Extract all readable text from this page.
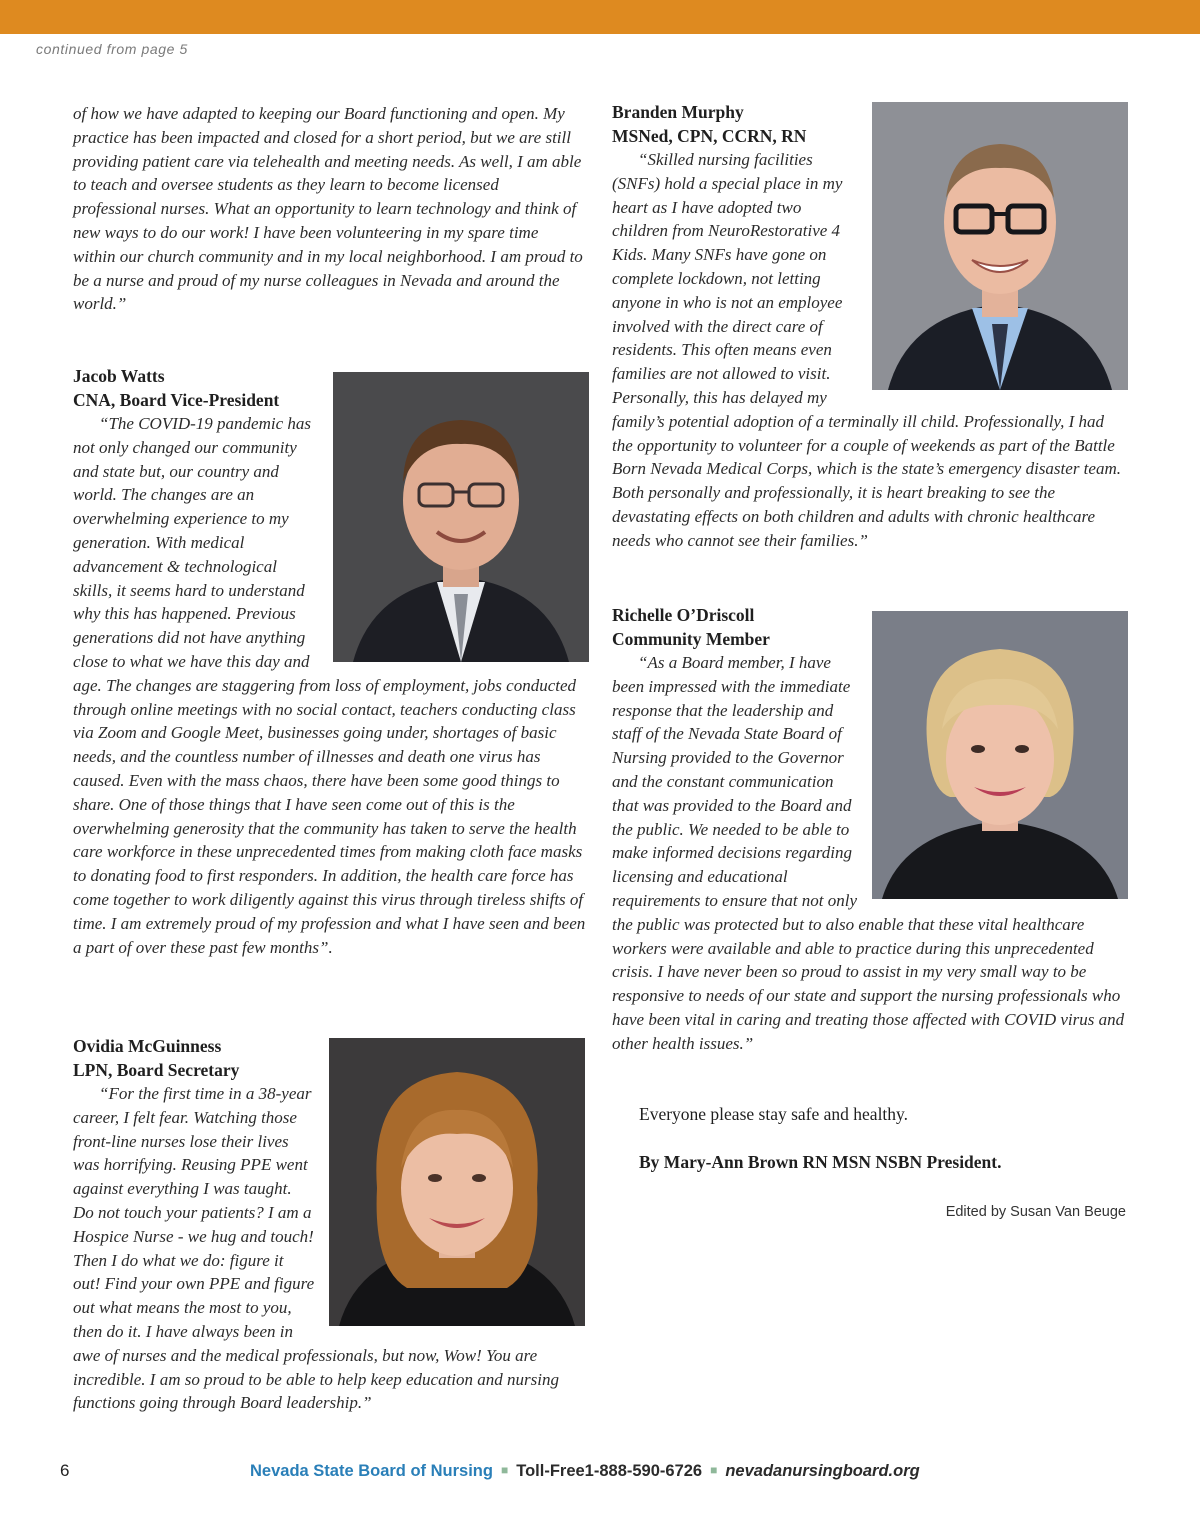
continued from page 5

of how we have adapted to keeping our Board functioning and open. My practice has been impacted and closed for a short period, but we are still providing patient care via telehealth and meeting needs. As well, I am able to teach and oversee students as they learn to become licensed professional nurses. What an opportunity to learn technology and think of new ways to do our work! I have been volunteering in my spare time within our church community and in my local neighborhood. I am proud to be a nurse and proud of my nurse colleagues in Nevada and around the world.”

Jacob Watts
CNA, Board Vice-President

“The COVID-19 pandemic has not only changed our community and state but, our country and world. The changes are an overwhelming experience to my generation. With medical advancement & technological skills, it seems hard to understand why this has happened. Previous generations did not have anything close to what we have this day and age. The changes are staggering from loss of employment, jobs conducted through online meetings with no social contact, teachers conducting class via Zoom and Google Meet, businesses going under, shortages of basic needs, and the countless number of illnesses and death one virus has caused. Even with the mass chaos, there have been some good things to share. One of those things that I have seen come out of this is the overwhelming generosity that the community has taken to serve the health care workforce in these unprecedented times from making cloth face masks to donating food to first responders. In addition, the health care force has come together to work diligently against this virus through tireless shifts of time. I am extremely proud of my profession and what I have seen and been a part of over these past few months”.

Ovidia McGuinness
LPN, Board Secretary

“For the first time in a 38-year career, I felt fear. Watching those front-line nurses lose their lives was horrifying. Reusing PPE went against everything I was taught. Do not touch your patients? I am a Hospice Nurse - we hug and touch! Then I do what we do: figure it out! Find your own PPE and figure out what means the most to you, then do it. I have always been in awe of nurses and the medical professionals, but now, Wow! You are incredible. I am so proud to be able to help keep education and nursing functions going through Board leadership.”

Branden Murphy
MSNed, CPN, CCRN, RN

“Skilled nursing facilities (SNFs) hold a special place in my heart as I have adopted two children from NeuroRestorative 4 Kids. Many SNFs have gone on complete lockdown, not letting anyone in who is not an employee involved with the direct care of residents. This often means even families are not allowed to visit. Personally, this has delayed my family’s potential adoption of a terminally ill child. Professionally, I had the opportunity to volunteer for a couple of weekends as part of the Battle Born Nevada Medical Corps, which is the state’s emergency disaster team. Both personally and professionally, it is heart breaking to see the devastating effects on both children and adults with chronic healthcare needs who cannot see their families.”

Richelle O’Driscoll
Community Member

“As a Board member, I have been impressed with the immediate response that the leadership and staff of the Nevada State Board of Nursing provided to the Governor and the constant communication that was provided to the Board and the public. We needed to be able to make informed decisions regarding licensing and educational requirements to ensure that not only the public was protected but to also enable that these vital healthcare workers were available and able to practice during this unprecedented crisis. I have never been so proud to assist in my very small way to be responsive to needs of our state and support the nursing professionals who have been vital in caring and treating those affected with COVID virus and other health issues.”

Everyone please stay safe and healthy.
By Mary-Ann Brown RN MSN NSBN President.
Edited by Susan Van Beuge
6	Nevada State Board of Nursing ■ Toll-Free1-888-590-6726 ■ nevadanursingboard.org
